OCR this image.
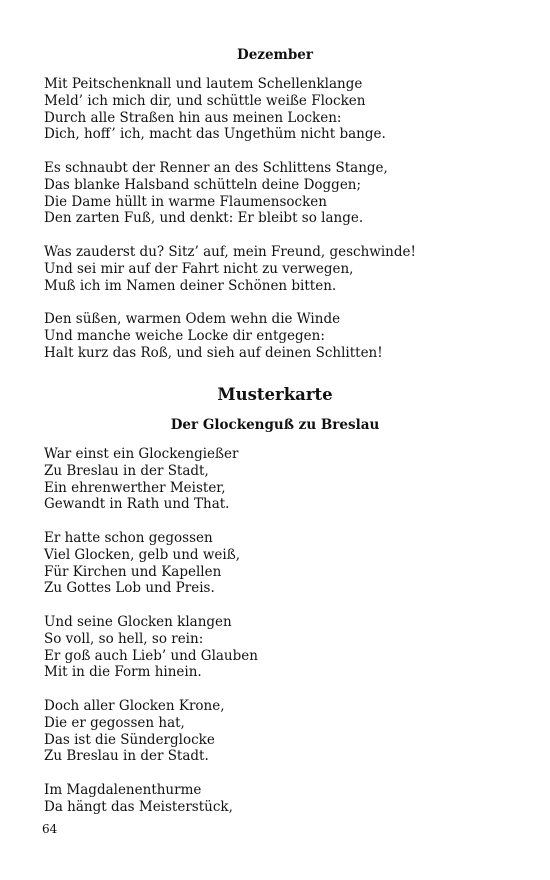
Dezember
Mit Peitschenknall und lautem Schellenklange
Meld’ ich mich dir, und schüttle weiße Flocken
Durch alle Straßen hin aus meinen Locken:
Dich, hoff’ ich, macht das Ungethüm nicht bange.
Es schnaubt der Renner an des Schlittens Stange,
Das blanke Halsband schütteln deine Doggen;
Die Dame hüllt in warme Flaumensocken
Den zarten Fuß, und denkt: Er bleibt so lange.
Was zauderst du? Sitz’ auf, mein Freund, geschwinde!
Und sei mir auf der Fahrt nicht zu verwegen,
Muß ich im Namen deiner Schönen bitten.
Den süßen, warmen Odem wehn die Winde
Und manche weiche Locke dir entgegen:
Halt kurz das Roß, und sieh auf deinen Schlitten!
Musterkarte
Der Glockenguß zu Breslau
War einst ein Glockengießer
Zu Breslau in der Stadt,
Ein ehrenwerther Meister,
Gewandt in Rath und That.
Er hatte schon gegossen
Viel Glocken, gelb und weiß,
Für Kirchen und Kapellen
Zu Gottes Lob und Preis.
Und seine Glocken klangen
So voll, so hell, so rein:
Er goß auch Lieb’ und Glauben
Mit in die Form hinein.
Doch aller Glocken Krone,
Die er gegossen hat,
Das ist die Sünderglocke
Zu Breslau in der Stadt.
Im Magdalenenthurme
Da hängt das Meisterstück,
64
